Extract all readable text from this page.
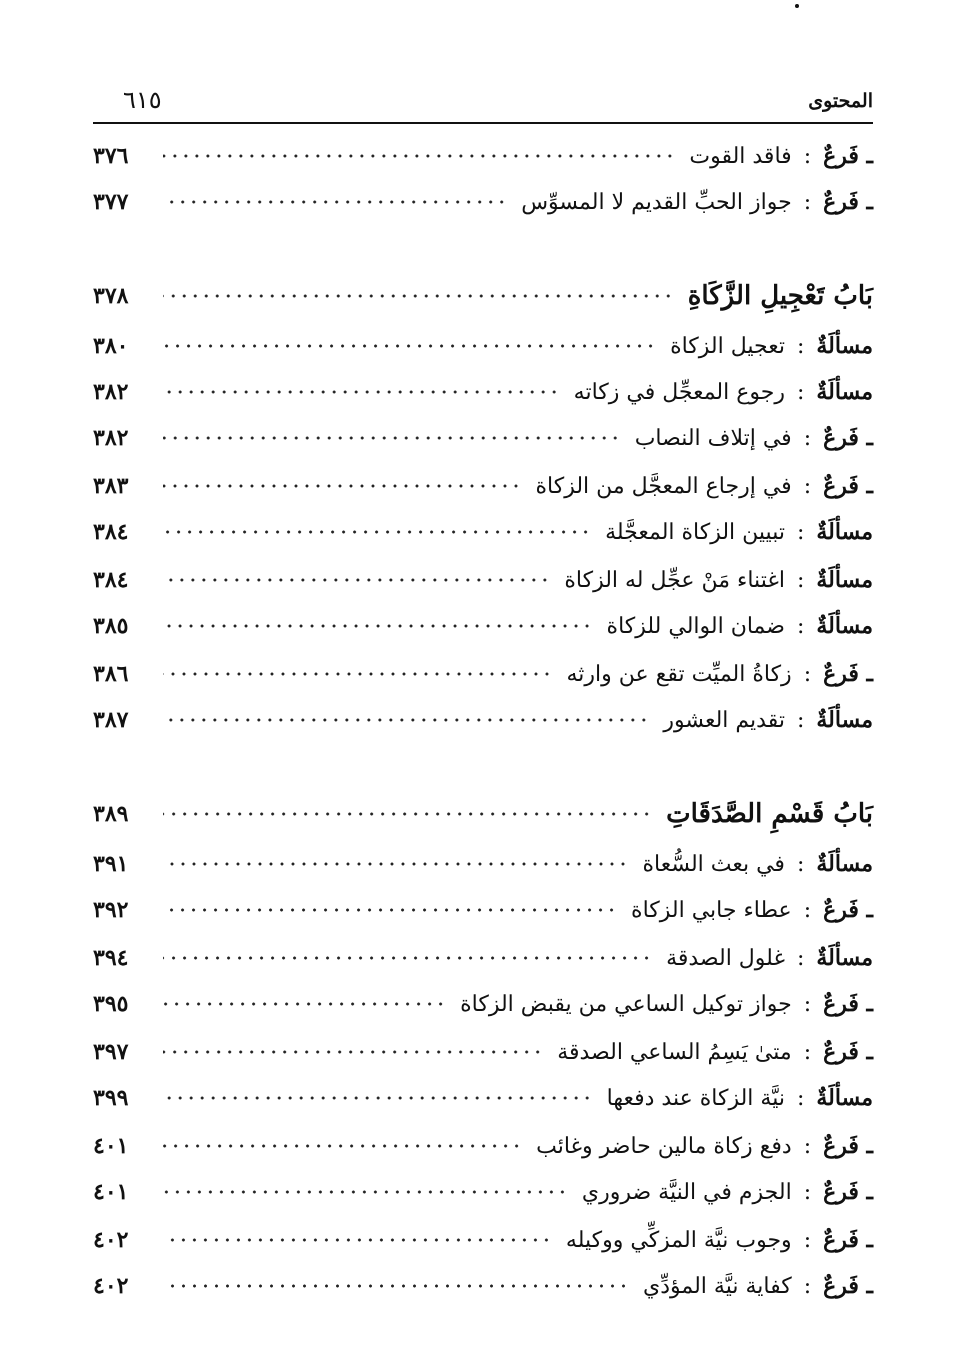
المحتوى
٦١٥
ـ فَرعٌ
:
فاقد القوت
٣٧٦
ـ فَرعٌ
:
جواز الحبِّ القديم لا المسوِّس
٣٧٧
بَابُ تَعْجِيلِ الزَّكَاةِ
٣٧٨
مسألَةٌ
:
تعجيل الزكاة
٣٨٠
مسألَةٌ
:
رجوع المعجِّل في زكاته
٣٨٢
ـ فَرعٌ
:
في إتلاف النصاب
٣٨٢
ـ فَرعٌ
:
في إرجاع المعجَّل من الزكاة
٣٨٣
مسألَةٌ
:
تبيين الزكاة المعجَّلة
٣٨٤
مسألَةٌ
:
اغتناء مَنْ عجِّل له الزكاة
٣٨٤
مسألَةٌ
:
ضمان الوالي للزكاة
٣٨٥
ـ فَرعٌ
:
زكاةُ الميِّت تقع عن وارثه
٣٨٦
مسألَةٌ
:
تقديم العشور
٣٨٧
بَابُ قَسْمِ الصَّدَقَاتِ
٣٨٩
مسألَةٌ
:
في بعث السُّعاة
٣٩١
ـ فَرعٌ
:
عطاء جابي الزكاة
٣٩٢
مسألَةٌ
:
غلول الصدقة
٣٩٤
ـ فَرعٌ
:
جواز توكيل الساعي من يقبض الزكاة
٣٩٥
ـ فَرعٌ
:
متىٰ يَسِمُ الساعي الصدقة
٣٩٧
مسألَةٌ
:
نيَّة الزكاة عند دفعها
٣٩٩
ـ فَرعٌ
:
دفع زكاة مالين حاضر وغائب
٤٠١
ـ فَرعٌ
:
الجزم في النيَّة ضروري
٤٠١
ـ فَرعٌ
:
وجوب نيَّة المزكِّي ووكيله
٤٠٢
ـ فَرعٌ
:
كفاية نيَّة المؤدِّي
٤٠٢
